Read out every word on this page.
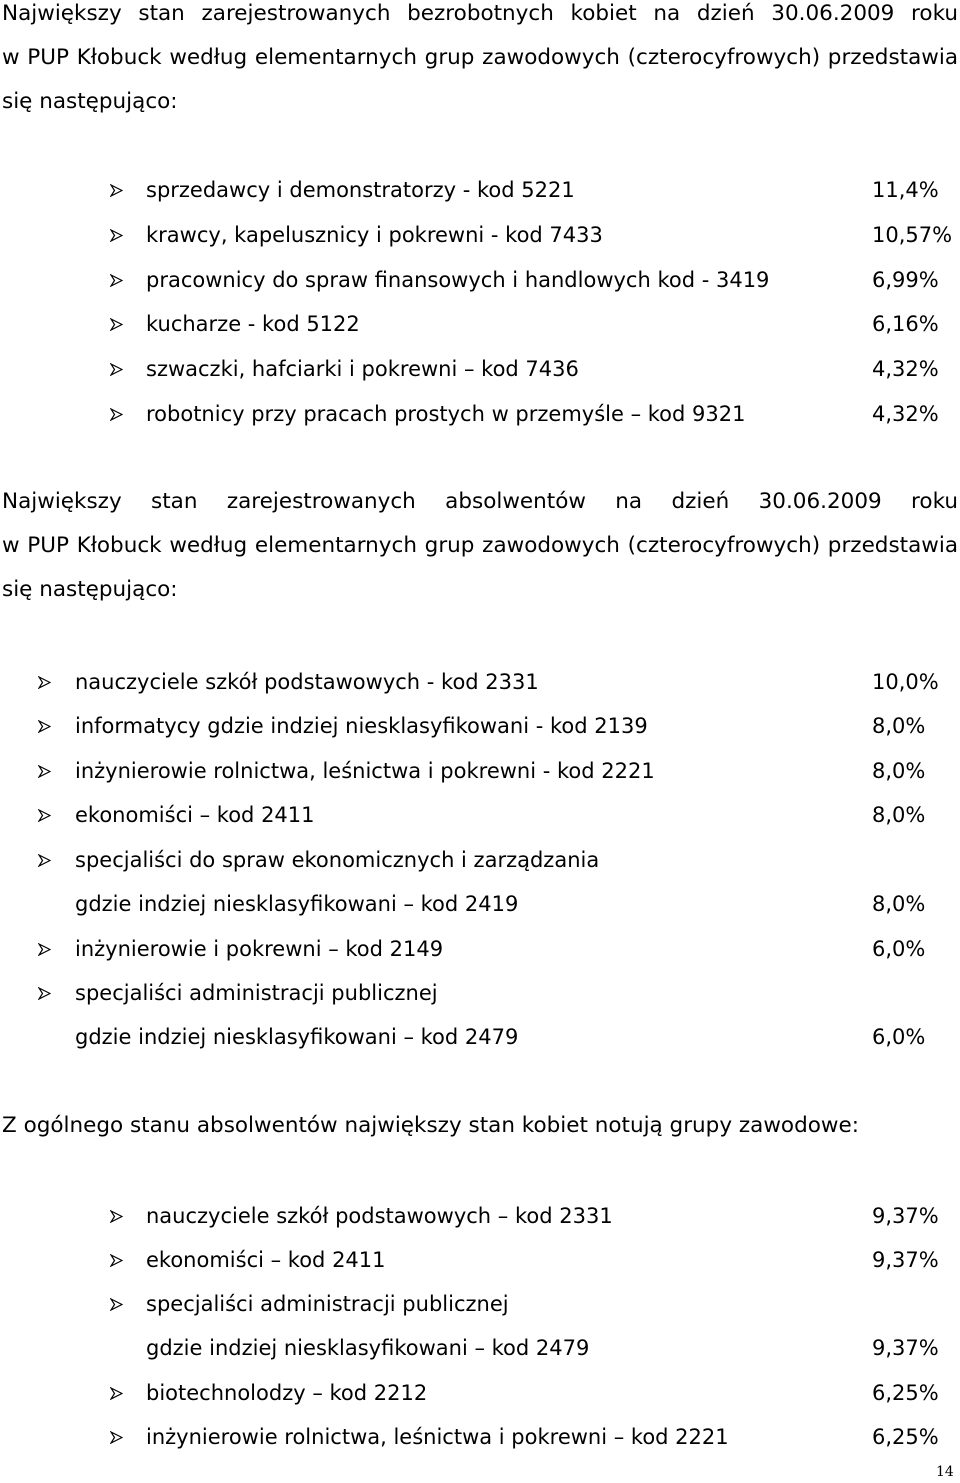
Największy stan zarejestrowanych bezrobotnych kobiet na dzień 30.06.2009 roku
w PUP Kłobuck według elementarnych grup zawodowych (czterocyfrowych) przedstawia
się następująco:
sprzedawcy i demonstratorzy - kod 5221	11,4%
krawcy, kapelusznicy i pokrewni - kod 7433	10,57%
pracownicy do spraw finansowych i handlowych kod - 3419	6,99%
kucharze - kod 5122	6,16%
szwaczki, hafciarki i pokrewni – kod 7436	4,32%
robotnicy przy pracach prostych w przemyśle – kod 9321	4,32%
Największy stan zarejestrowanych absolwentów na dzień 30.06.2009 roku
w PUP Kłobuck według elementarnych grup zawodowych (czterocyfrowych) przedstawia
się następująco:
nauczyciele szkół podstawowych - kod 2331	10,0%
informatycy gdzie indziej niesklasyfikowani - kod 2139	8,0%
inżynierowie rolnictwa, leśnictwa i pokrewni - kod 2221	8,0%
ekonomiści – kod 2411	8,0%
specjaliści do spraw ekonomicznych i zarządzania
gdzie indziej niesklasyfikowani – kod 2419	8,0%
inżynierowie i pokrewni – kod 2149	6,0%
specjaliści administracji publicznej
gdzie indziej niesklasyfikowani – kod 2479	6,0%
Z ogólnego stanu absolwentów największy stan kobiet notują grupy zawodowe:
nauczyciele szkół podstawowych – kod 2331	9,37%
ekonomiści – kod 2411	9,37%
specjaliści administracji publicznej
gdzie indziej niesklasyfikowani – kod 2479	9,37%
biotechnolodzy – kod 2212	6,25%
inżynierowie rolnictwa, leśnictwa i pokrewni – kod 2221	6,25%
14
